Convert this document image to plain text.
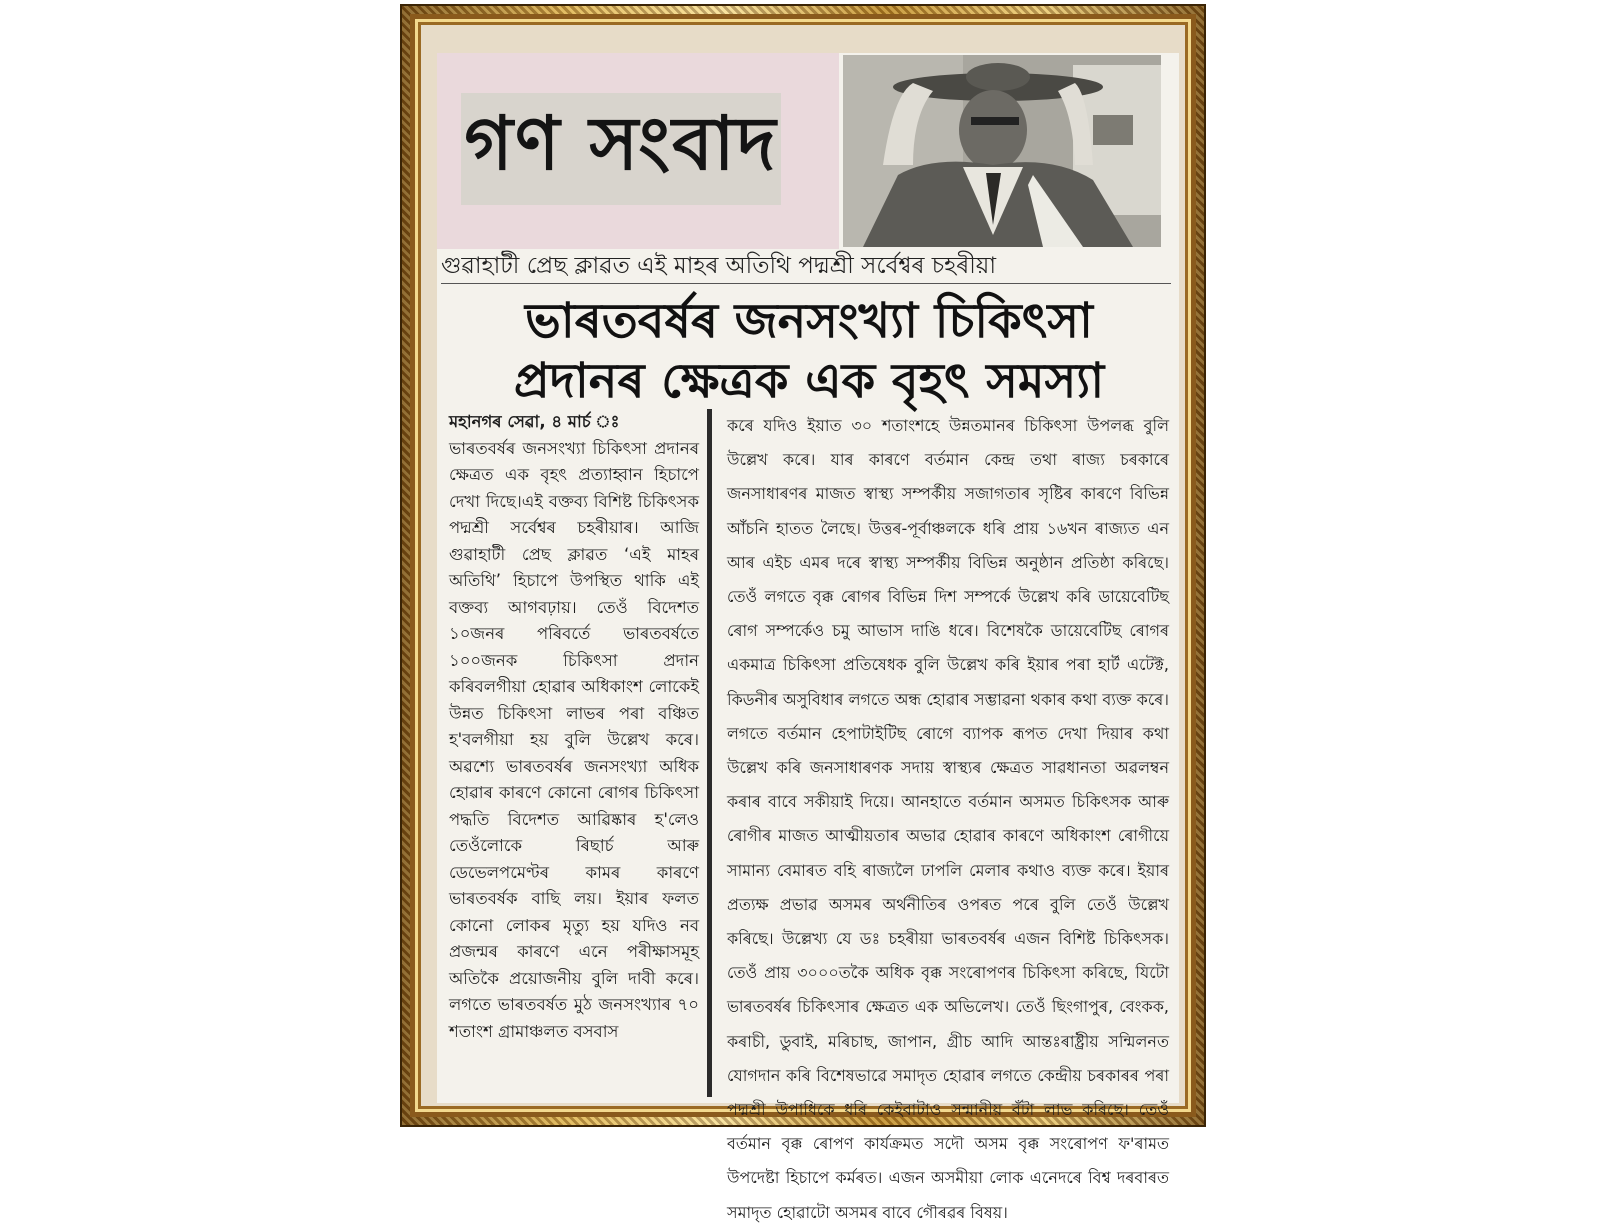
গণ সংবাদ
গুৱাহাটী প্ৰেছ ক্লাৱত এই মাহৰ অতিথি পদ্মশ্ৰী সৰ্বেশ্বৰ চহৰীয়া
ভাৰতবৰ্ষৰ জনসংখ্যা চিকিৎসা
প্ৰদানৰ ক্ষেত্ৰক এক বৃহৎ সমস্যা
মহানগৰ সেৱা, ৪ মাৰ্চ ঃ
ভাৰতবৰ্ষৰ জনসংখ্যা চিকিৎসা প্ৰদানৰ ক্ষেত্ৰত এক বৃহৎ প্ৰত্যাহ্বান হিচাপে দেখা দিছে।এই বক্তব্য বিশিষ্ট চিকিৎসক পদ্মশ্ৰী সৰ্বেশ্বৰ চহৰীয়াৰ। আজি গুৱাহাটী প্ৰেছ ক্লাৱত ‘এই মাহৰ অতিথি’ হিচাপে উপস্থিত থাকি এই বক্তব্য আগবঢ়ায়। তেওঁ বিদেশত ১০জনৰ পৰিবৰ্তে ভাৰতবৰ্ষতে ১০০জনক চিকিৎসা প্ৰদান কৰিবলগীয়া হোৱাৰ অধিকাংশ লোকেই উন্নত চিকিৎসা লাভৰ পৰা বঞ্চিত হ'বলগীয়া হয় বুলি উল্লেখ কৰে। অৱশ্যে ভাৰতবৰ্ষৰ জনসংখ্যা অধিক হোৱাৰ কাৰণে কোনো ৰোগৰ চিকিৎসা পদ্ধতি বিদেশত আৱিষ্কাৰ হ'লেও তেওঁলোকে ৰিছাৰ্চ আৰু ডেভেলপমেণ্টৰ কামৰ কাৰণে ভাৰতবৰ্ষক বাছি লয়। ইয়াৰ ফলত কোনো লোকৰ মৃত্যু হয় যদিও নব প্ৰজন্মৰ কাৰণে এনে পৰীক্ষাসমূহ অতিকৈ প্ৰয়োজনীয় বুলি দাবী কৰে। লগতে ভাৰতবৰ্ষত মুঠ জনসংখ্যাৰ ৭০ শতাংশ গ্ৰামাঞ্চলত বসবাস
কৰে যদিও ইয়াত ৩০ শতাংশহে উন্নতমানৰ চিকিৎসা উপলব্ধ বুলি উল্লেখ কৰে। যাৰ কাৰণে বৰ্তমান কেন্দ্ৰ তথা ৰাজ্য চৰকাৰে জনসাধাৰণৰ মাজত স্বাস্থ্য সম্পৰ্কীয় সজাগতাৰ সৃষ্টিৰ কাৰণে বিভিন্ন আঁচনি হাতত লৈছে। উত্তৰ-পূৰ্বাঞ্চলকে ধৰি প্ৰায় ১৬খন ৰাজ্যত এন আৰ এইচ এমৰ দৰে স্বাস্থ্য সম্পৰ্কীয় বিভিন্ন অনুষ্ঠান প্ৰতিষ্ঠা কৰিছে। তেওঁ লগতে বৃক্ক ৰোগৰ বিভিন্ন দিশ সম্পৰ্কে উল্লেখ কৰি ডায়েবেটিছ ৰোগ সম্পৰ্কেও চমু আভাস দাঙি ধৰে। বিশেষকৈ ডায়েবেটিছ ৰোগৰ একমাত্ৰ চিকিৎসা প্ৰতিষেধক বুলি উল্লেখ কৰি ইয়াৰ পৰা হাৰ্ট এটেক্ট, কিডনীৰ অসুবিধাৰ লগতে অন্ধ হোৱাৰ সম্ভাৱনা থকাৰ কথা ব্যক্ত কৰে। লগতে বৰ্তমান হেপাটাইটিছ ৰোগে ব্যাপক ৰূপত দেখা দিয়াৰ কথা উল্লেখ কৰি জনসাধাৰণক সদায় স্বাস্থ্যৰ ক্ষেত্ৰত সাৱধানতা অৱলম্বন কৰাৰ বাবে সকীয়াই দিয়ে। আনহাতে বৰ্তমান অসমত চিকিৎসক আৰু ৰোগীৰ মাজত আত্মীয়তাৰ অভাৱ হোৱাৰ কাৰণে অধিকাংশ ৰোগীয়ে সামান্য বেমাৰত বহি ৰাজ্যলৈ ঢাপলি মেলাৰ কথাও ব্যক্ত কৰে। ইয়াৰ প্ৰত্যক্ষ প্ৰভাৱ অসমৰ অৰ্থনীতিৰ ওপৰত পৰে বুলি তেওঁ উল্লেখ কৰিছে। উল্লেখ্য যে ডঃ চহৰীয়া ভাৰতবৰ্ষৰ এজন বিশিষ্ট চিকিৎসক। তেওঁ প্ৰায় ৩০০০তকৈ অধিক বৃক্ক সংৰোপণৰ চিকিৎসা কৰিছে, যিটো ভাৰতবৰ্ষৰ চিকিৎসাৰ ক্ষেত্ৰত এক অভিলেখ। তেওঁ ছিংগাপুৰ, বেংকক, কৰাচী, ডুবাই, মৰিচাছ, জাপান, গ্ৰীচ আদি আন্তঃৰাষ্ট্ৰীয় সন্মিলনত যোগদান কৰি বিশেষভাৱে সমাদৃত হোৱাৰ লগতে কেন্দ্ৰীয় চৰকাৰৰ পৰা পদ্মশ্ৰী উপাধিকে ধৰি কেইবাটাও সন্মানীয় বঁটা লাভ কৰিছে। তেওঁ বৰ্তমান বৃক্ক ৰোপণ কাৰ্যক্ৰমত সদৌ অসম বৃক্ক সংৰোপণ ফ'ৰামত উপদেষ্টা হিচাপে কৰ্মৰত। এজন অসমীয়া লোক এনেদৰে বিশ্ব দৰবাৰত সমাদৃত হোৱাটো অসমৰ বাবে গৌৰৱৰ বিষয়।
